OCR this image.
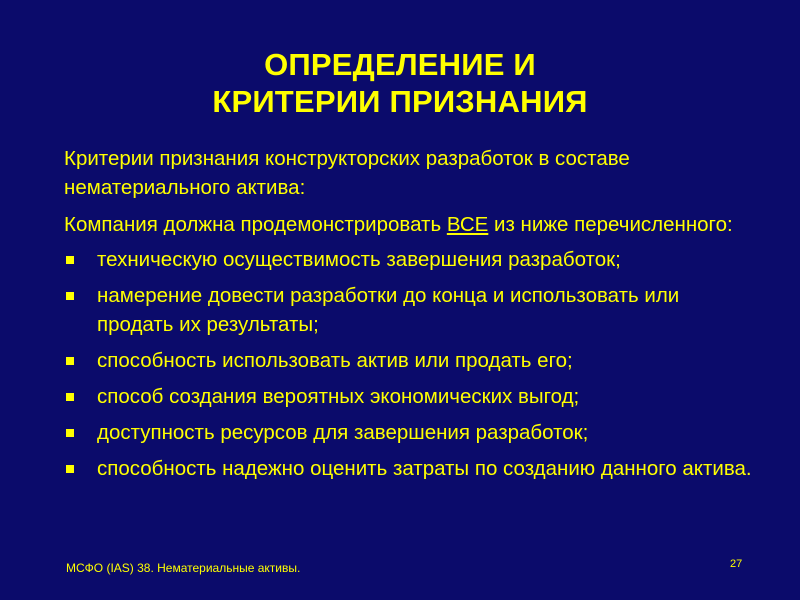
ОПРЕДЕЛЕНИЕ И
КРИТЕРИИ ПРИЗНАНИЯ

Критерии признания конструкторских разработок в составе нематериального актива:

Компания должна продемонстрировать ВСЕ из ниже перечисленного:

техническую осуществимость завершения разработок;
намерение довести разработки до конца и использовать или продать их результаты;
способность использовать актив или продать его;
способ создания вероятных экономических выгод;
доступность ресурсов для завершения разработок;
способность надежно оценить затраты по созданию данного актива.
МСФО (IAS) 38. Нематериальные активы.	27
